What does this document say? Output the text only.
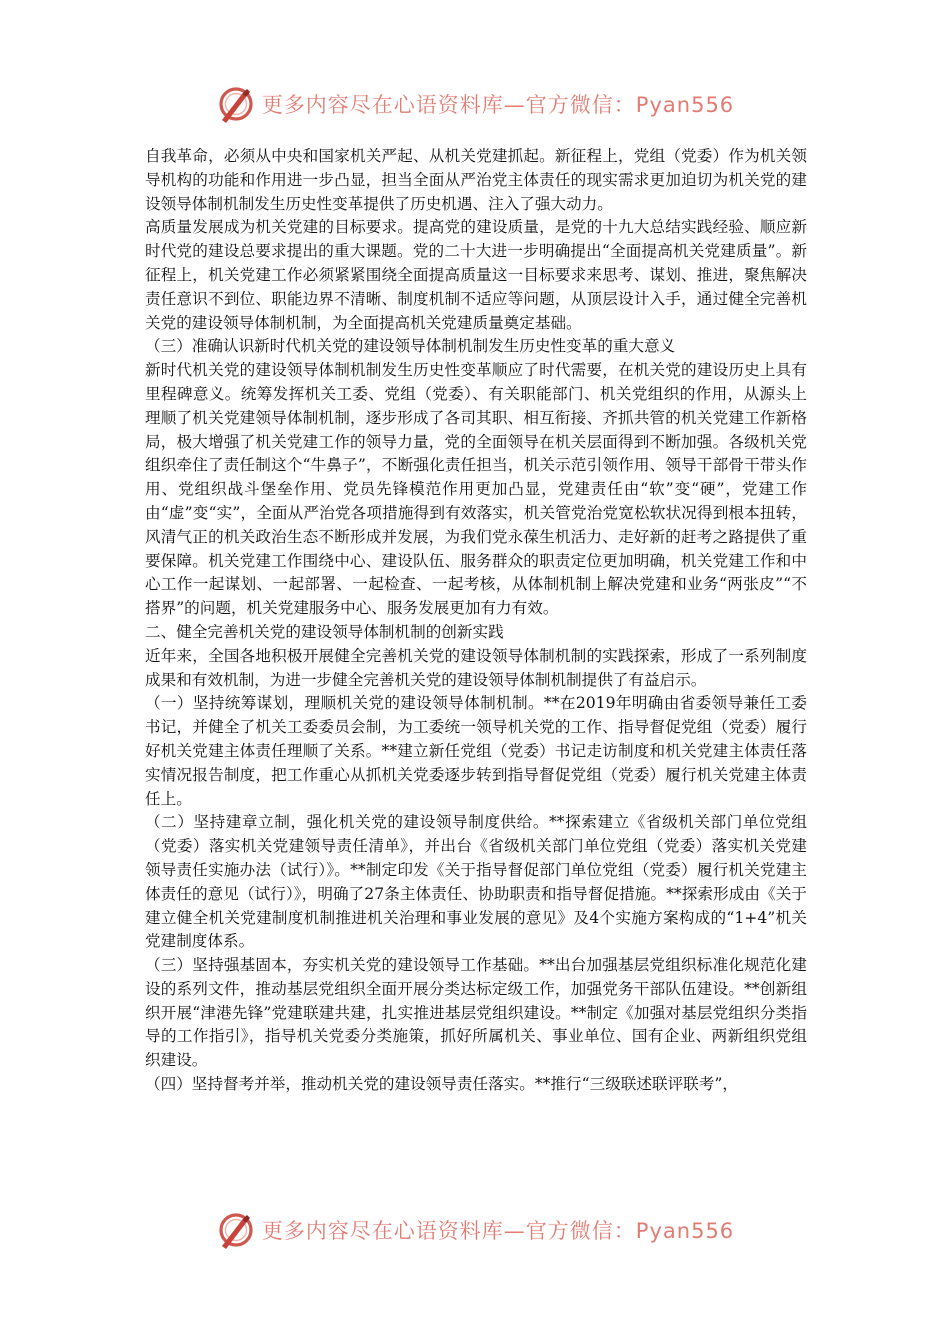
更多内容尽在心语资料库—官方微信：Pyan556

自我革命，必须从中央和国家机关严起、从机关党建抓起。新征程上，党组（党委）作为机关领导机构的功能和作用进一步凸显，担当全面从严治党主体责任的现实需求更加迫切为机关党的建设领导体制机制发生历史性变革提供了历史机遇、注入了强大动力。

高质量发展成为机关党建的目标要求。提高党的建设质量，是党的十九大总结实践经验、顺应新时代党的建设总要求提出的重大课题。党的二十大进一步明确提出“全面提高机关党建质量”。新征程上，机关党建工作必须紧紧围绕全面提高质量这一目标要求来思考、谋划、推进，聚焦解决责任意识不到位、职能边界不清晰、制度机制不适应等问题，从顶层设计入手，通过健全完善机关党的建设领导体制机制，为全面提高机关党建质量奠定基础。

（三）准确认识新时代机关党的建设领导体制机制发生历史性变革的重大意义

新时代机关党的建设领导体制机制发生历史性变革顺应了时代需要，在机关党的建设历史上具有里程碑意义。统筹发挥机关工委、党组（党委）、有关职能部门、机关党组织的作用，从源头上理顺了机关党建领导体制机制，逐步形成了各司其职、相互衔接、齐抓共管的机关党建工作新格局，极大增强了机关党建工作的领导力量，党的全面领导在机关层面得到不断加强。各级机关党组织牵住了责任制这个“牛鼻子”，不断强化责任担当，机关示范引领作用、领导干部骨干带头作用、党组织战斗堡垒作用、党员先锋模范作用更加凸显，党建责任由“软”变“硬”，党建工作由“虚”变“实”，全面从严治党各项措施得到有效落实，机关管党治党宽松软状况得到根本扭转，风清气正的机关政治生态不断形成并发展，为我们党永葆生机活力、走好新的赶考之路提供了重要保障。机关党建工作围绕中心、建设队伍、服务群众的职责定位更加明确，机关党建工作和中心工作一起谋划、一起部署、一起检查、一起考核，从体制机制上解决党建和业务“两张皮”“不搭界”的问题，机关党建服务中心、服务发展更加有力有效。

二、健全完善机关党的建设领导体制机制的创新实践

近年来，全国各地积极开展健全完善机关党的建设领导体制机制的实践探索，形成了一系列制度成果和有效机制，为进一步健全完善机关党的建设领导体制机制提供了有益启示。

（一）坚持统筹谋划，理顺机关党的建设领导体制机制。**在2019年明确由省委领导兼任工委书记，并健全了机关工委委员会制，为工委统一领导机关党的工作、指导督促党组（党委）履行好机关党建主体责任理顺了关系。**建立新任党组（党委）书记走访制度和机关党建主体责任落实情况报告制度，把工作重心从抓机关党委逐步转到指导督促党组（党委）履行机关党建主体责任上。

（二）坚持建章立制，强化机关党的建设领导制度供给。**探索建立《省级机关部门单位党组（党委）落实机关党建领导责任清单》，并出台《省级机关部门单位党组（党委）落实机关党建领导责任实施办法（试行）》。**制定印发《关于指导督促部门单位党组（党委）履行机关党建主体责任的意见（试行）》，明确了27条主体责任、协助职责和指导督促措施。**探索形成由《关于建立健全机关党建制度机制推进机关治理和事业发展的意见》及4个实施方案构成的“1+4”机关党建制度体系。

（三）坚持强基固本，夯实机关党的建设领导工作基础。**出台加强基层党组织标准化规范化建设的系列文件，推动基层党组织全面开展分类达标定级工作，加强党务干部队伍建设。**创新组织开展“津港先锋”党建联建共建，扎实推进基层党组织建设。**制定《加强对基层党组织分类指导的工作指引》，指导机关党委分类施策，抓好所属机关、事业单位、国有企业、两新组织党组织建设。

（四）坚持督考并举，推动机关党的建设领导责任落实。**推行“三级联述联评联考”，

更多内容尽在心语资料库—官方微信：Pyan556
